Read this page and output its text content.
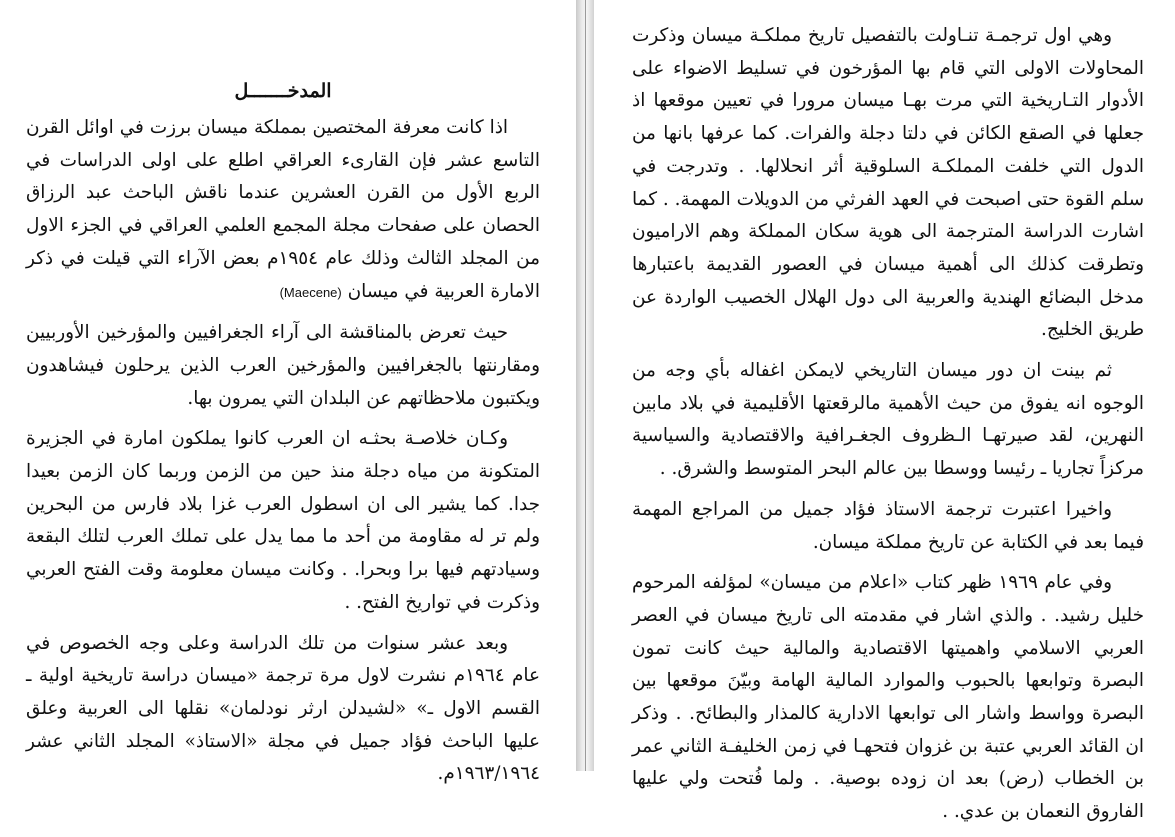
المدخـــــــل

اذا كانت معرفة المختصين بمملكة ميسان برزت في اوائل القرن التاسع عشر فإن القارىء العراقي اطلع على اولى الدراسات في الربع الأول من القرن العشرين عندما ناقش الباحث عبد الرزاق الحصان على صفحات مجلة المجمع العلمي العراقي في الجزء الاول من المجلد الثالث وذلك عام ١٩٥٤م بعض الآراء التي قيلت في ذكر الامارة العربية في ميسان (Maecene)

حيث تعرض بالمناقشة الى آراء الجغرافيين والمؤرخين الأوربيين ومقارنتها بالجغرافيين والمؤرخين العرب الذين يرحلون فيشاهدون ويكتبون ملاحظاتهم عن البلدان التي يمرون بها.

وكـان خلاصـة بحثـه ان العرب كانوا يملكون امارة في الجزيرة المتكونة من مياه دجلة منذ حين من الزمن وربما كان الزمن بعيدا جدا. كما يشير الى ان اسطول العرب غزا بلاد فارس من البحرين ولم تر له مقاومة من أحد ما مما يدل على تملك العرب لتلك البقعة وسيادتهم فيها برا وبحرا. . وكانت ميسان معلومة وقت الفتح العربي وذكرت في تواريخ الفتح. .

وبعد عشر سنوات من تلك الدراسة وعلى وجه الخصوص في عام ١٩٦٤م نشرت لاول مرة ترجمة «ميسان دراسة تاريخية اولية ـ القسم الاول ـ» «لشيدلن ارثر نودلمان» نقلها الى العربية وعلق عليها الباحث فؤاد جميل في مجلة «الاستاذ» المجلد الثاني عشر ١٩٦٣/١٩٦٤م.

وهي اول ترجمـة تنـاولت بالتفصيل تاريخ مملكـة ميسان وذكرت المحاولات الاولى التي قام بها المؤرخون في تسليط الاضواء على الأدوار التـاريخية التي مرت بهـا ميسان مرورا في تعيين موقعها اذ جعلها في الصقع الكائن في دلتا دجلة والفرات. كما عرفها بانها من الدول التي خلفت المملكـة السلوقية أثر انحلالها. . وتدرجت في سلم القوة حتى اصبحت في العهد الفرثي من الدويلات المهمة. . كما اشارت الدراسة المترجمة الى هوية سكان المملكة وهم الاراميون وتطرقت كذلك الى أهمية ميسان في العصور القديمة باعتبارها مدخل البضائع الهندية والعربية الى دول الهلال الخصيب الواردة عن طريق الخليج.

ثم بينت ان دور ميسان التاريخي لايمكن اغفاله بأي وجه من الوجوه انه يفوق من حيث الأهمية مالرقعتها الأقليمية في بلاد مابين النهرين، لقد صيرتهـا الـظروف الجغـرافية والاقتصادية والسياسية مركزاً تجاريا ـ رئيسا ووسطا بين عالم البحر المتوسط والشرق. .

واخيرا اعتبرت ترجمة الاستاذ فؤاد جميل من المراجع المهمة فيما بعد في الكتابة عن تاريخ مملكة ميسان.

وفي عام ١٩٦٩ ظهر كتاب «اعلام من ميسان» لمؤلفه المرحوم خليل رشيد. . والذي اشار في مقدمته الى تاريخ ميسان في العصر العربي الاسلامي واهميتها الاقتصادية والمالية حيث كانت تمون البصرة وتوابعها بالحبوب والموارد المالية الهامة وبيّنَ موقعها بين البصرة وواسط واشار الى توابعها الادارية كالمذار والبطائح. . وذكر ان القائد العربي عتبة بن غزوان فتحهـا في زمن الخليفـة الثاني عمر بن الخطاب (رض) بعد ان زوده بوصية. . ولما فُتحت ولي عليها الفاروق النعمان بن عدي. .
